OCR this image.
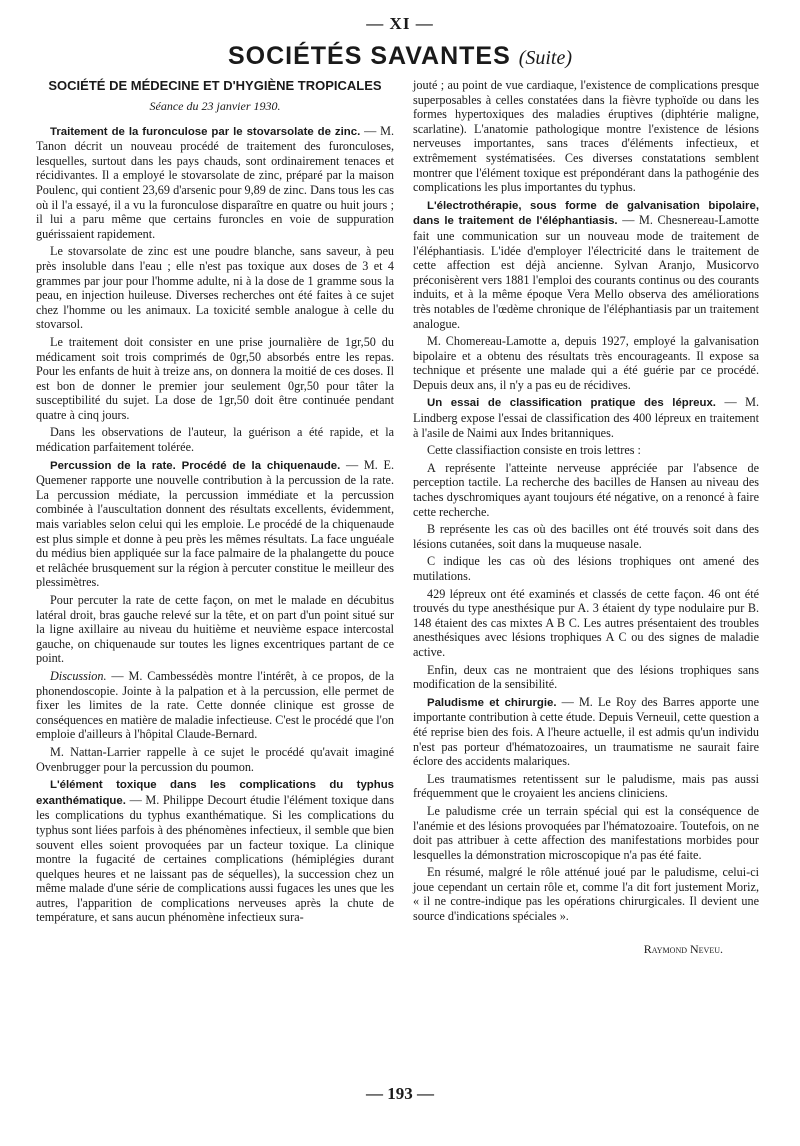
— XI —
SOCIÉTÉS SAVANTES (Suite)
SOCIÉTÉ DE MÉDECINE ET D'HYGIÈNE TROPICALES
Séance du 23 janvier 1930.

Traitement de la furonculose par le stovarsolate de zinc. — M. Tanon décrit un nouveau procédé de traitement des furonculoses, lesquelles, surtout dans les pays chauds, sont ordinairement tenaces et récidivantes. Il a employé le stovarsolate de zinc, préparé par la maison Poulenc, qui contient 23,69 d'arsenic pour 9,89 de zinc. Dans tous les cas où il l'a essayé, il a vu la furonculose disparaître en quatre ou huit jours ; il lui a paru même que certains furoncles en voie de suppuration guérissaient rapidement.

Le stovarsolate de zinc est une poudre blanche, sans saveur, à peu près insoluble dans l'eau ; elle n'est pas toxique aux doses de 3 et 4 grammes par jour pour l'homme adulte, ni à la dose de 1 gramme sous la peau, en injection huileuse. Diverses recherches ont été faites à ce sujet chez l'homme ou les animaux. La toxicité semble analogue à celle du stovarsol.

Le traitement doit consister en une prise journalière de 1gr,50 du médicament soit trois comprimés de 0gr,50 absorbés entre les repas. Pour les enfants de huit à treize ans, on donnera la moitié de ces doses. Il est bon de donner le premier jour seulement 0gr,50 pour tâter la susceptibilité du sujet. La dose de 1gr,50 doit être continuée pendant quatre à cinq jours.

Dans les observations de l'auteur, la guérison a été rapide, et la médication parfaitement tolérée.

Percussion de la rate. Procédé de la chiquenaude. — M. E. Quemener rapporte une nouvelle contribution à la percussion de la rate. La percussion médiate, la percussion immédiate et la percussion combinée à l'auscultation donnent des résultats excellents, évidemment, mais variables selon celui qui les emploie. Le procédé de la chiquenaude est plus simple et donne à peu près les mêmes résultats. La face unguéale du médius bien appliquée sur la face palmaire de la phalangette du pouce et relâchée brusquement sur la région à percuter constitue le meilleur des plessimètres.

Pour percuter la rate de cette façon, on met le malade en décubitus latéral droit, bras gauche relevé sur la tête, et on part d'un point situé sur la ligne axillaire au niveau du huitième et neuvième espace intercostal gauche, on chiquenaude sur toutes les lignes excentriques partant de ce point.

Discussion. — M. Cambessédès montre l'intérêt, à ce propos, de la phonendoscopie. Jointe à la palpation et à la percussion, elle permet de fixer les limites de la rate. Cette donnée clinique est grosse de conséquences en matière de maladie infectieuse. C'est le procédé que l'on emploie d'ailleurs à l'hôpital Claude-Bernard.

M. Nattan-Larrier rappelle à ce sujet le procédé qu'avait imaginé Ovenbrugger pour la percussion du poumon.

L'élément toxique dans les complications du typhus exanthématique. — M. Philippe Decourt étudie l'élément toxique dans les complications du typhus exanthématique. Si les complications du typhus sont liées parfois à des phénomènes infectieux, il semble que bien souvent elles soient provoquées par un facteur toxique. La clinique montre la fugacité de certaines complications (hémiplégies durant quelques heures et ne laissant pas de séquelles), la succession chez un même malade d'une série de complications aussi fugaces les unes que les autres, l'apparition de complications nerveuses après la chute de température, et sans aucun phénomène infectieux sura-

jouté ; au point de vue cardiaque, l'existence de complications presque superposables à celles constatées dans la fièvre typhoïde ou dans les formes hypertoxiques des maladies éruptives (diphtérie maligne, scarlatine). L'anatomie pathologique montre l'existence de lésions nerveuses importantes, sans traces d'éléments infectieux, et extrêmement systématisées. Ces diverses constatations semblent montrer que l'élément toxique est prépondérant dans la pathogénie des complications les plus importantes du typhus.

L'électrothérapie, sous forme de galvanisation bipolaire, dans le traitement de l'éléphantiasis. — M. Chesnereau-Lamotte fait une communication sur un nouveau mode de traitement de l'éléphantiasis. L'idée d'employer l'électricité dans le traitement de cette affection est déjà ancienne. Sylvan Aranjo, Musicorvo préconisèrent vers 1881 l'emploi des courants continus ou des courants induits, et à la même époque Vera Mello observa des améliorations très notables de l'œdème chronique de l'éléphantiasis par un traitement analogue.

M. Chomereau-Lamotte a, depuis 1927, employé la galvanisation bipolaire et a obtenu des résultats très encourageants. Il expose sa technique et présente une malade qui a été guérie par ce procédé. Depuis deux ans, il n'y a pas eu de récidives.

Un essai de classification pratique des lépreux. — M. Lindberg expose l'essai de classification des 400 lépreux en traitement à l'asile de Naimi aux Indes britanniques.

Cette classifiaction consiste en trois lettres :

A représente l'atteinte nerveuse appréciée par l'absence de perception tactile. La recherche des bacilles de Hansen au niveau des taches dyschromiques ayant toujours été négative, on a renoncé à faire cette recherche.

B représente les cas où des bacilles ont été trouvés soit dans des lésions cutanées, soit dans la muqueuse nasale.

C indique les cas où des lésions trophiques ont amené des mutilations.

429 lépreux ont été examinés et classés de cette façon. 46 ont été trouvés du type anesthésique pur A. 3 étaient dy type nodulaire pur B. 148 étaient des cas mixtes A B C. Les autres présentaient des troubles anesthésiques avec lésions trophiques A C ou des signes de maladie active.

Enfin, deux cas ne montraient que des lésions trophiques sans modification de la sensibilité.

Paludisme et chirurgie. — M. Le Roy des Barres apporte une importante contribution à cette étude. Depuis Verneuil, cette question a été reprise bien des fois. A l'heure actuelle, il est admis qu'un individu n'est pas porteur d'hématozoaires, un traumatisme ne saurait faire éclore des accidents malariques.

Les traumatismes retentissent sur le paludisme, mais pas aussi fréquemment que le croyaient les anciens cliniciens.

Le paludisme crée un terrain spécial qui est la conséquence de l'anémie et des lésions provoquées par l'hématozoaire. Toutefois, on ne doit pas attribuer à cette affection des manifestations morbides pour lesquelles la démonstration microscopique n'a pas été faite.

En résumé, malgré le rôle atténué joué par le paludisme, celui-ci joue cependant un certain rôle et, comme l'a dit fort justement Moriz, « il ne contre-indique pas les opérations chirurgicales. Il devient une source d'indications spéciales ».

Raymond Neveu.
— 193 —
